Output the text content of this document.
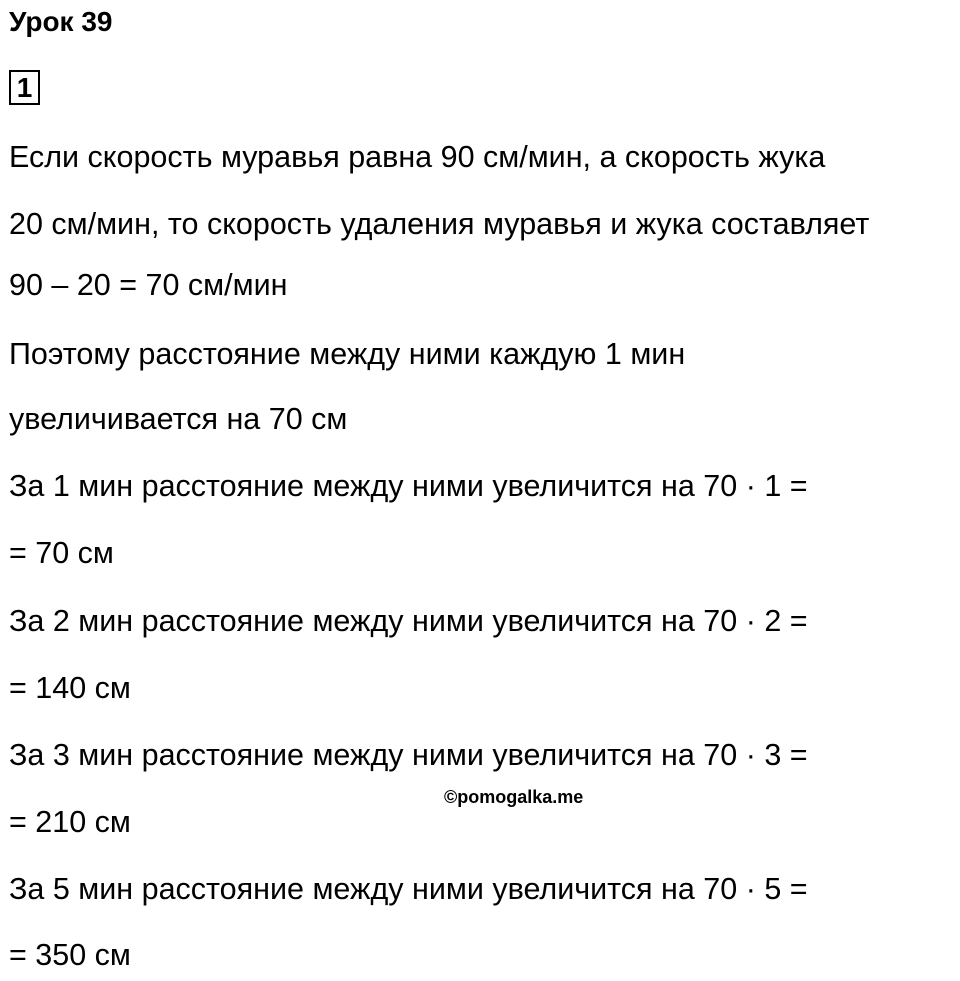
Урок 39
1
Если скорость муравья равна 90 см/мин, а скорость жука
20 см/мин, то скорость удаления муравья и жука составляет
90 – 20 = 70 см/мин
Поэтому расстояние между ними каждую 1 мин
увеличивается на 70 см
За 1 мин расстояние между ними увеличится на 70 · 1 =
= 70 см
За 2 мин расстояние между ними увеличится на 70 · 2 =
= 140 см
За 3 мин расстояние между ними увеличится на 70 · 3 =
= 210 см
За 5 мин расстояние между ними увеличится на 70 · 5 =
= 350 см
©pomogalka.me
